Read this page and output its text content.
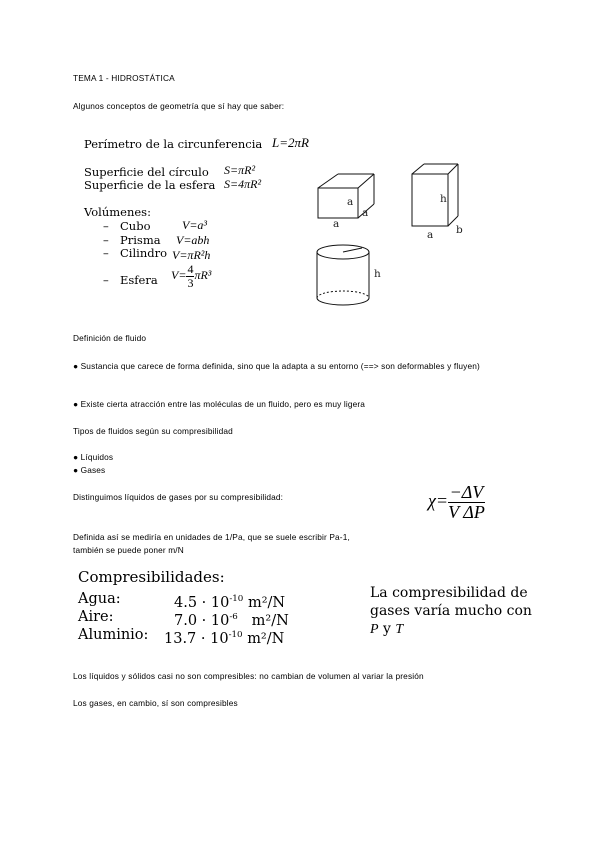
TEMA 1 - HIDROSTÁTICA
Algunos conceptos de geometría que sí hay que saber:
Perímetro de la circunferencia L=2πR
Superficie del círculo S=πR²
Superficie de la esfera S=4πR²
Volúmenes:
– Cubo	V=a³
– Prisma V=abh
– Cilindro V=πR²h
– Esfera $V= \frac{4}{3} \pi R^3$
a
a
a
h
a b
h
Definición de fluido
● Sustancia que carece de forma definida, sino que la adapta a su entorno (==> son deformables y fluyen)
● Existe cierta atracción entre las moléculas de un fluido, pero es muy ligera
Tipos de fluidos según su compresibilidad
● Líquidos
● Gases
Distinguimos líquidos de gases por su compresibilidad:	$\chi= \frac{-\Delta V}{\text{V ΔP}}$
Definida así se mediría en unidades de 1/Pa, que se suele escribir Pa-1,
también se puede poner m/N
Compresibilidades:
Agua:	$4.5 \cdot 10^{-10}$ m²/N
Aire:	$7.0 \cdot 10^{-6}$ m²/N
Aluminio: $13.7 \cdot 10^{-10}$ m²/N
La compresibilidad de
gases varía mucho con
P y T
Los líquidos y sólidos casi no son compresibles: no cambian de volumen al variar la presión
Los gases, en cambio, sí son compresibles
